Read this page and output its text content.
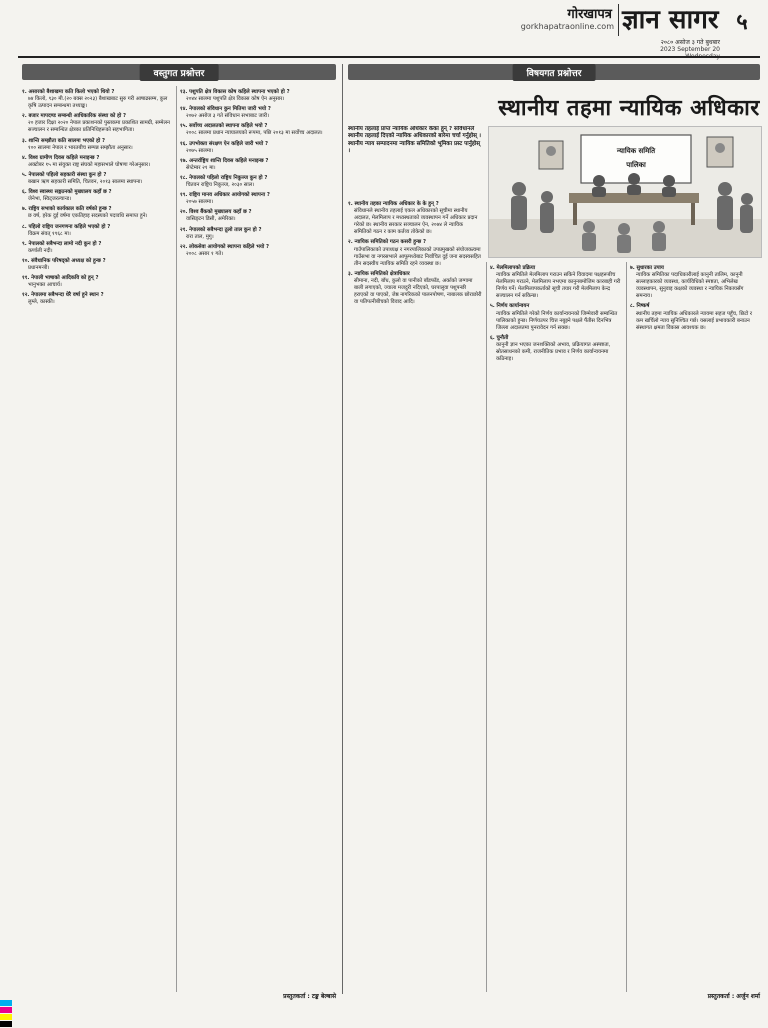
गोरखापत्र
gorkhapatraonline.com ज्ञान सागर
२०८० असोज ३ गते बुधबार
2023 September 20
५
वस्तुगत प्रश्नोत्तर	विषयगत प्रश्नोत्तर
१. असारको बैशाखमा कति किलो भएको थियो ?
७४ किलो, ९३० मी.(२० बक्स २०२३) बैशाखबाट सुरु गरी आषाढसम्म, कुल कृषि उत्पादन सम्बन्धमा तथ्याङ्क।
२. बजार मापदण्ड सम्बन्धी आधिकारिक संस्था को हो ?
२० हजार दिक्षा २०२० नेपाल प्रकाशनको पुस्तकमा प्रकाशित सामग्री, सम्मेलन सञ्चालन र सम्बन्धित क्षेत्रका प्रतिनिधिहरूको सहभागिता।
३. शान्ति सम्झौता कति सालमा भएको हो ?
१०० सालमा नेपाल र भारतबीच सम्पन्न सम्झौता अनुसार।
४. विश्व ग्रामीण दिवस कहिले मनाइन्छ ?
अक्टोबर १५ मा संयुक्त राष्ट्र संघको महासभाले घोषणा गरेअनुसार।
५. नेपालको पहिलो सहकारी संस्था कुन हो ?
बखान ऋण सहकारी समिति, चितवन, २०१३ सालमा स्थापना।
६. विश्व स्वास्थ्य सङ्गठनको मुख्यालय कहाँ छ ?
जेनेभा, स्विट्जरल्यान्ड।
७. राष्ट्रिय सभाको कार्यकाल कति वर्षको हुन्छ ?
छ वर्ष, हरेक दुई वर्षमा एकतिहाइ सदस्यको पदावधि समाप्त हुने।
८. पहिलो राष्ट्रिय जनगणना कहिले भएको हो ?
विक्रम संवत् १९६८ मा।
९. नेपालको सबैभन्दा लामो नदी कुन हो ?
कर्णाली नदी।
१०. संवैधानिक परिषद्को अध्यक्ष को हुन्छ ?
प्रधानमन्त्री।
११. नेपाली भाषाको आदिकवि को हुन् ?
भानुभक्त आचार्य।
१२. नेपालमा सबैभन्दा धेरै वर्षा हुने स्थान ?
लुम्ले, कास्की।
१३. पशुपति क्षेत्र विकास कोष कहिले स्थापना भएको हो ?
२०४४ सालमा पशुपति क्षेत्र विकास कोष ऐन अनुसार।
१४. नेपालको संविधान कुन मितिमा जारी भयो ?
२०७२ असोज ३ गते संविधान सभाबाट जारी।
१५. सर्वोच्च अदालतको स्थापना कहिले भयो ?
२००८ सालमा प्रधान न्यायालयको रूपमा, पछि २०१३ मा सर्वोच्च अदालत।
१६. उपभोक्ता संरक्षण ऐन कहिले जारी भयो ?
२०७५ सालमा।
१७. अन्तर्राष्ट्रिय शान्ति दिवस कहिले मनाइन्छ ?
सेप्टेम्बर २१ मा।
१८. नेपालको पहिलो राष्ट्रिय निकुञ्ज कुन हो ?
चितवन राष्ट्रिय निकुञ्ज, २०३० साल।
१९. राष्ट्रिय मानव अधिकार आयोगको स्थापना ?
२०५७ सालमा।
२०. विश्व बैंकको मुख्यालय कहाँ छ ?
वासिङ्टन डिसी, अमेरिका।
२१. नेपालको सबैभन्दा ठूलो ताल कुन हो ?
रारा ताल, मुगु।
२२. लोकसेवा आयोगको स्थापना कहिले भयो ?
२००८ असार १ गते।
प्रस्तुतकर्ता : टङ्क बेल्बासे
स्थानीय तहमा न्यायिक अधिकार
स्थानीय तहलाई प्राप्त न्यायिक अधिकार केका हुन् ? संविधानले स्थानीय तहलाई दिएको न्यायिक अधिकारको बारेमा चर्चा गर्नुहोस् । स्थानीय न्याय सम्पादनमा न्यायिक समितिको भूमिका प्रस्ट पार्नुहोस् ।	न्यायिक समिति
पालिका
१. स्थानीय तहका न्यायिक अधिकार के के हुन् ?
संविधानले स्थानीय तहलाई एकल अधिकारको सूचीमा स्थानीय अदालत, मेलमिलाप र मध्यस्थताको व्यवस्थापन गर्ने अधिकार प्रदान गरेको छ। स्थानीय सरकार सञ्चालन ऐन, २०७४ ले न्यायिक समितिको गठन र काम कर्तव्य तोकेको छ।
२. न्यायिक समितिको गठन कसरी हुन्छ ?
गाउँपालिकाको उपाध्यक्ष र नगरपालिकाको उपप्रमुखको संयोजकत्वमा गाउँसभा वा नगरसभाले आफूमध्येबाट निर्वाचित दुई जना सदस्यसहित तीन सदस्यीय न्यायिक समिति रहने व्यवस्था छ।
३. न्यायिक समितिको क्षेत्राधिकार
सीमाना, नदी, बाँध, कुलो वा पानीको बाँडफाँड, अर्काको जग्गामा बाली लगाएको, ज्याला मजदुरी नदिएको, घरपालुवा पशुपन्छी हराएको वा पाएको, जेष्ठ नागरिकको पालनपोषण, नाबालक छोराछोरी वा पतिपत्नीबीचको विवाद आदि।
४. मेलमिलापको प्रक्रिया
न्यायिक समितिले मेलमिलाप गराउन सकिने विवादमा पक्षहरूबीच मेलमिलाप गराउने, मेलमिलाप नभएमा कानुनबमोजिम कारबाही गरी निर्णय गर्ने। मेलमिलापकर्ताको सूची तयार गरी मेलमिलाप केन्द्र सञ्चालन गर्न सकिन्छ।
५. निर्णय कार्यान्वयन
न्यायिक समितिले गरेको निर्णय कार्यान्वयनको जिम्मेवारी सम्बन्धित पालिकाको हुन्छ। निर्णयउपर चित्त नबुझ्ने पक्षले पैंतीस दिनभित्र जिल्ला अदालतमा पुनरावेदन गर्न सक्छ।
६. चुनौती
कानुनी ज्ञान भएका जनशक्तिको अभाव, प्रक्रियागत अस्पष्टता, स्रोतसाधनको कमी, राजनीतिक प्रभाव र निर्णय कार्यान्वयनमा कठिनाइ।
७. सुधारका उपाय
न्यायिक समितिका पदाधिकारीलाई कानुनी तालिम, कानुनी सल्लाहकारको व्यवस्था, कार्यविधिको स्पष्टता, अभिलेख व्यवस्थापन, सुनुवाइ कक्षको व्यवस्था र न्यायिक निकायसँग समन्वय।
८. निष्कर्ष
स्थानीय तहमा न्यायिक अधिकारले न्यायमा सहज पहुँच, छिटो र कम खर्चिलो न्याय सुनिश्चित गर्छ। यसलाई प्रभावकारी बनाउन संस्थागत क्षमता विकास आवश्यक छ।
प्रस्तुतकर्ता : अर्जुन शर्मा
